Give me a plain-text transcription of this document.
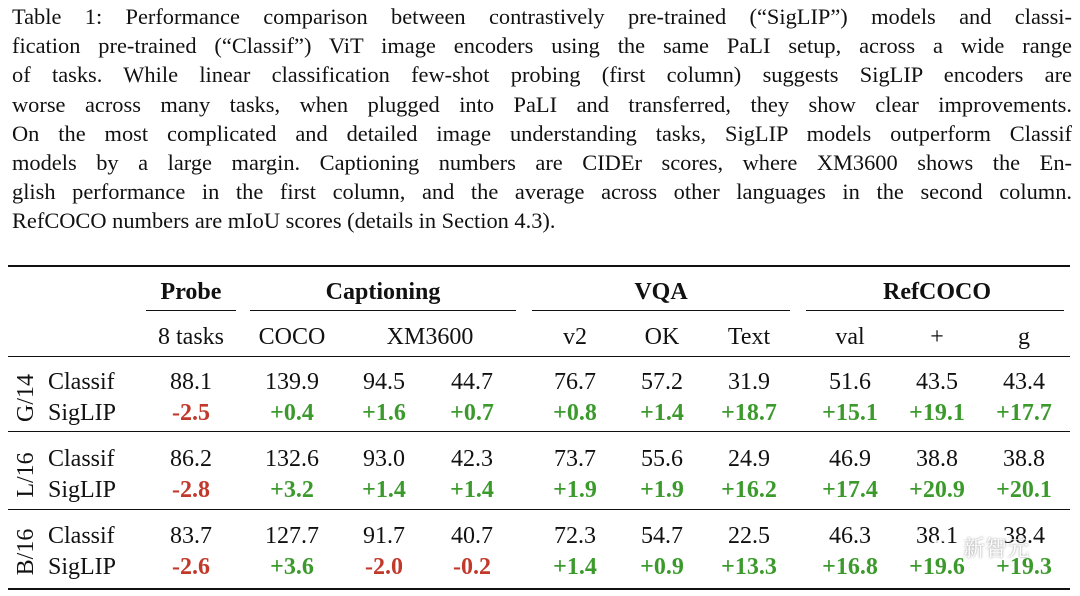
Table 1: Performance comparison between contrastively pre-trained (“SigLIP”) models and classi-
fication pre-trained (“Classif”) ViT image encoders using the same PaLI setup, across a wide range
of tasks. While linear classification few-shot probing (first column) suggests SigLIP encoders are
worse across many tasks, when plugged into PaLI and transferred, they show clear improvements.
On the most complicated and detailed image understanding tasks, SigLIP models outperform Classif
models by a large margin. Captioning numbers are CIDEr scores, where XM3600 shows the En-
glish performance in the first column, and the average across other languages in the second column.
RefCOCO numbers are mIoU scores (details in Section 4.3).

Probe	Captioning	VQA	RefCOCO
8 tasks COCO	XM3600	v2 OK Text	val	+	g
G/14 Classif 88.1 139.9 94.5 44.7	76.7 57.2 31.9 51.6 43.5 43.4
SigLIP -2.5	+0.4 +1.6 +0.7 +0.8 +1.4 +18.7 +15.1 +19.1 +17.7
L/16 Classif 86.2 132.6 93.0 42.3	73.7 55.6 24.9 46.9 38.8 38.8
SigLIP -2.8	+3.2 +1.4 +1.4 +1.9 +1.9 +16.2 +17.4 +20.9 +20.1
B/16 Classif 83.7 127.7 91.7 40.7	72.3 54.7 22.5 46.3 38.1 38.4
SigLIP -2.6	+3.6 -2.0 -0.2	+1.4 +0.9 +13.3 +16.8 +19.6 +19.3
新智元
